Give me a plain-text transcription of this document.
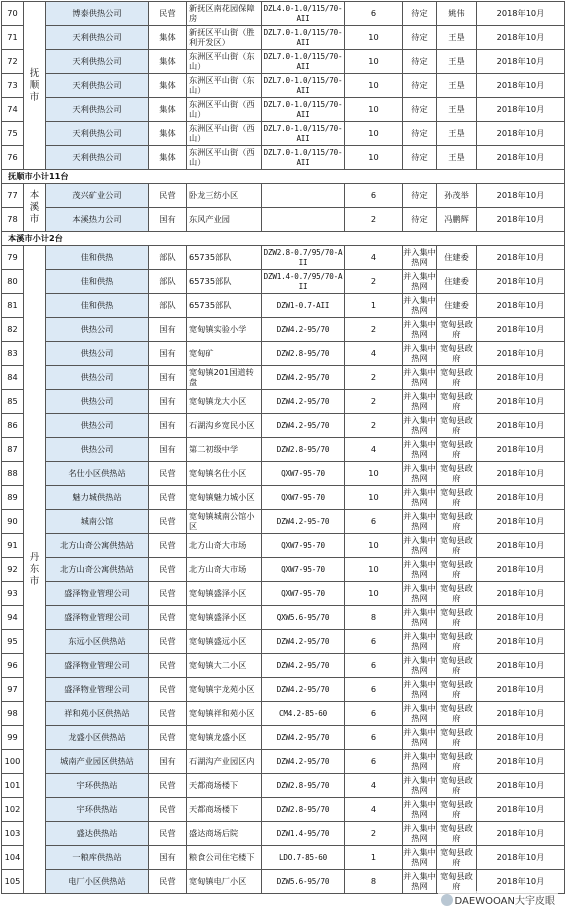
70	抚顺市	博泰供热公司	民营	新抚区南花园保障房	DZL4.0-1.0/115/70-AII	6	待定	姚伟	2018年10月
71		天利供热公司	集体	新抚区平山街（胜利开发区）	DZL7.0-1.0/115/70-AII	10	待定	王垦	2018年10月
72		天利供热公司	集体	东洲区平山街（东山）	DZL7.0-1.0/115/70-AII	10	待定	王垦	2018年10月
73		天利供热公司	集体	东洲区平山街（东山）	DZL7.0-1.0/115/70-AII	10	待定	王垦	2018年10月
74		天利供热公司	集体	东洲区平山街（西山）	DZL7.0-1.0/115/70-AII	10	待定	王垦	2018年10月
75		天利供热公司	集体	东洲区平山街（西山）	DZL7.0-1.0/115/70-AII	10	待定	王垦	2018年10月
76		天利供热公司	集体	东洲区平山街（西山）	DZL7.0-1.0/115/70-AII	10	待定	王垦	2018年10月
抚顺市小计11台									
77	本溪市	茂兴矿业公司	民营	卧龙三纺小区		6	待定	孙茂举	2018年10月
78		本溪热力公司	国有	东风产业园		2	待定	冯鹏辉	2018年10月
本溪市小计2台									
79	丹东市	佳和供热	部队	65735部队	DZW2.8-0.7/95/70-AII	4	并入集中热网	住建委	2018年10月
80		佳和供热	部队	65735部队	DZW1.4-0.7/95/70-AII	2	并入集中热网	住建委	2018年10月
81		佳和供热	部队	65735部队	DZW1-0.7-AII	1	并入集中热网	住建委	2018年10月
82		供热公司	国有	宽甸镇实验小学	DZW4.2-95/70	2	并入集中热网	宽甸县政府	2018年10月
83		供热公司	国有	宽甸矿	DZW2.8-95/70	4	并入集中热网	宽甸县政府	2018年10月
84		供热公司	国有	宽甸镇201国道转盘	DZW4.2-95/70	2	并入集中热网	宽甸县政府	2018年10月
85		供热公司	国有	宽甸镇龙大小区	DZW4.2-95/70	2	并入集中热网	宽甸县政府	2018年10月
86		供热公司	国有	石湖沟乡宽民小区	DZW4.2-95/70	2	并入集中热网	宽甸县政府	2018年10月
87		供热公司	国有	第二初级中学	DZW2.8-95/70	4	并入集中热网	宽甸县政府	2018年10月
88		名仕小区供热站	民营	宽甸镇名仕小区	QXW7-95-70	10	并入集中热网	宽甸县政府	2018年10月
89		魅力城供热站	民营	宽甸镇魅力城小区	QXW7-95-70	10	并入集中热网	宽甸县政府	2018年10月
90		城南公馆	民营	宽甸镇城南公馆小区	DZW4.2-95-70	6	并入集中热网	宽甸县政府	2018年10月
91		北方山奇公寓供热站	民营	北方山奇大市场	QXW7-95-70	10	并入集中热网	宽甸县政府	2018年10月
92		北方山奇公寓供热站	民营	北方山奇大市场	QXW7-95-70	10	并入集中热网	宽甸县政府	2018年10月
93		盛泽物业管理公司	民营	宽甸镇盛泽小区	QXW7-95-70	10	并入集中热网	宽甸县政府	2018年10月
94		盛泽物业管理公司	民营	宽甸镇盛泽小区	QXW5.6-95/70	8	并入集中热网	宽甸县政府	2018年10月
95		东远小区供热站	民营	宽甸镇盛远小区	DZW4.2-95/70	6	并入集中热网	宽甸县政府	2018年10月
96		盛泽物业管理公司	民营	宽甸镇大二小区	DZW4.2-95/70	6	并入集中热网	宽甸县政府	2018年10月
97		盛泽物业管理公司	民营	宽甸镇宇龙苑小区	DZW4.2-95/70	6	并入集中热网	宽甸县政府	2018年10月
98		祥和苑小区供热站	民营	宽甸镇祥和苑小区	CM4.2-85-60	6	并入集中热网	宽甸县政府	2018年10月
99		龙盛小区供热站	民营	宽甸镇龙盛小区	DZW4.2-95/70	6	并入集中热网	宽甸县政府	2018年10月
100		城南产业园区供热站	国有	石湖沟产业园区内	DZW4.2-95/70	6	并入集中热网	宽甸县政府	2018年10月
101		宇环供热站	民营	天都商场楼下	DZW2.8-95/70	4	并入集中热网	宽甸县政府	2018年10月
102		宇环供热站	民营	天都商场楼下	DZW2.8-95/70	4	并入集中热网	宽甸县政府	2018年10月
103		盛达供热站	民营	盛达商场后院	DZW1.4-95/70	2	并入集中热网	宽甸县政府	2018年10月
104		一粮库供热站	国有	粮食公司住宅楼下	LDO.7-85-60	1	并入集中热网	宽甸县政府	2018年10月
105		电厂小区供热站	民营	宽甸镇电厂小区	DZW5.6-95/70	8	并入集中热网	宽甸县政府	2018年10月
DAEWOOAN大宇皮眼
